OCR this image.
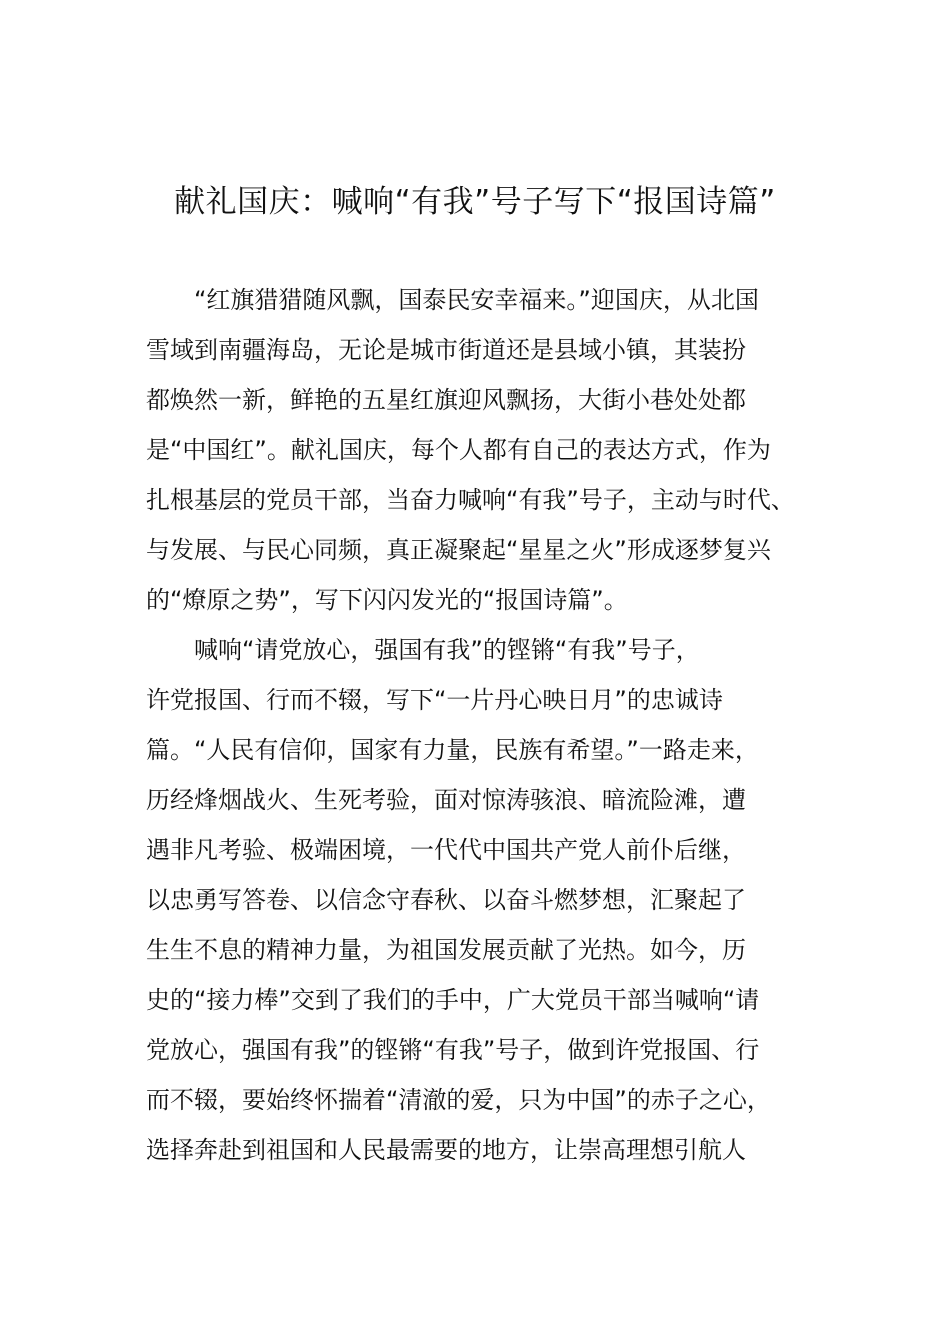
献礼国庆：喊响“有我”号子写下“报国诗篇”
“红旗猎猎随风飘，国泰民安幸福来。”迎国庆，从北国
雪域到南疆海岛，无论是城市街道还是县域小镇，其装扮
都焕然一新，鲜艳的五星红旗迎风飘扬，大街小巷处处都
是“中国红”。献礼国庆，每个人都有自己的表达方式，作为
扎根基层的党员干部，当奋力喊响“有我”号子，主动与时代、
与发展、与民心同频，真正凝聚起“星星之火”形成逐梦复兴
的“燎原之势”，写下闪闪发光的“报国诗篇”。
喊响“请党放心，强国有我”的铿锵“有我”号子，
许党报国、行而不辍，写下“一片丹心映日月”的忠诚诗
篇。“人民有信仰，国家有力量，民族有希望。”一路走来，
历经烽烟战火、生死考验，面对惊涛骇浪、暗流险滩，遭
遇非凡考验、极端困境，一代代中国共产党人前仆后继，
以忠勇写答卷、以信念守春秋、以奋斗燃梦想，汇聚起了
生生不息的精神力量，为祖国发展贡献了光热。如今，历
史的“接力棒”交到了我们的手中，广大党员干部当喊响“请
党放心，强国有我”的铿锵“有我”号子，做到许党报国、行
而不辍，要始终怀揣着“清澈的爱，只为中国”的赤子之心，
选择奔赴到祖国和人民最需要的地方，让崇高理想引航人
